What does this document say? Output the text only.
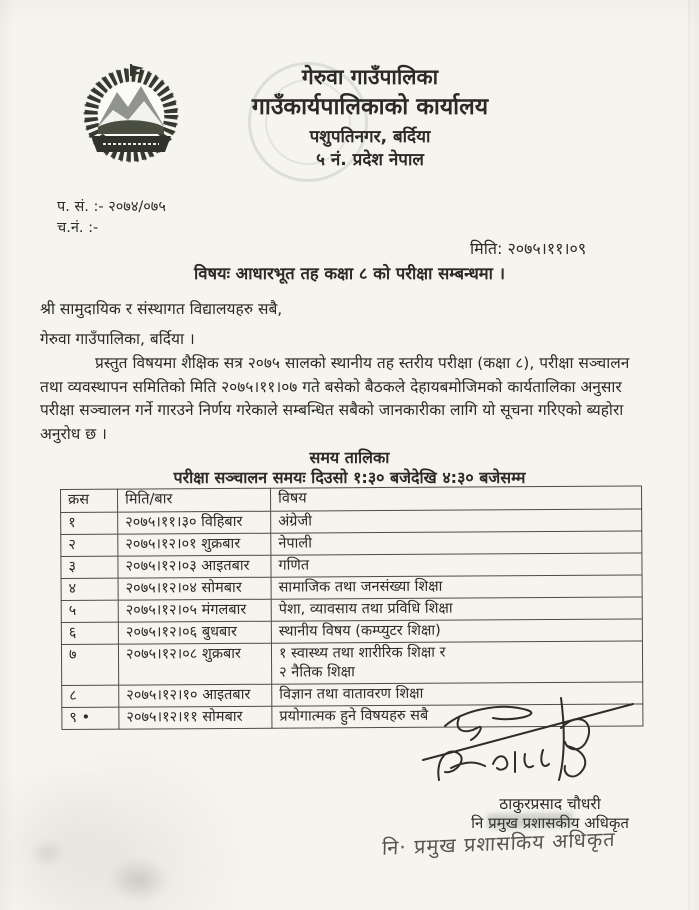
गेरुवा गाउँपालिका
गाउँकार्यपालिकाको कार्यालय
पशुपतिनगर, बर्दिया
५ नं. प्रदेश नेपाल
प. सं. :- २०७४/०७५
च.नं. :-
मिति: २०७५।११।०९
विषयः आधारभूत तह कक्षा ८ को परीक्षा सम्बन्धमा ।
श्री सामुदायिक र संस्थागत विद्यालयहरु सबै,
गेरुवा गाउँपालिका, बर्दिया ।
प्रस्तुत विषयमा शैक्षिक सत्र २०७५ सालको स्थानीय तह स्तरीय परीक्षा (कक्षा ८), परीक्षा सञ्चालन तथा व्यवस्थापन समितिको मिति २०७५।११।०७ गते बसेको बैठकले देहायबमोजिमको कार्यतालिका अनुसार परीक्षा सञ्चालन गर्ने गारउने निर्णय गरेकाले सम्बन्धित सबैको जानकारीका लागि यो सूचना गरिएको ब्यहोरा अनुरोध छ ।
समय तालिका
परीक्षा सञ्चालन समयः दिउसो १:३० बजेदेखि ४:३० बजेसम्म
क्रस	मिति/बार	विषय

१	२०७५।११।३० विहिबार	अंग्रेजी

२	२०७५।१२।०१ शुक्रबार	नेपाली

३	२०७५।१२।०३ आइतबार	गणित

४	२०७५।१२।०४ सोमबार	सामाजिक तथा जनसंख्या शिक्षा

५	२०७५।१२।०५ मंगलबार	पेशा, व्यावसाय तथा प्रविधि शिक्षा

६	२०७५।१२।०६ बुधबार	स्थानीय विषय (कम्प्युटर शिक्षा)

७	२०७५।१२।०८ शुक्रबार	१ स्वास्थ्य तथा शारीरिक शिक्षा र
२ नैतिक शिक्षा

८	२०७५।१२।१० आइतबार	विज्ञान तथा वातावरण शिक्षा

९ •	२०७५।१२।११ सोमबार	प्रयोगात्मक हुने विषयहरु सबै
ठाकुरप्रसाद चौधरी
नि प्रमुख प्रशासकीय अधिकृत
नि· प्रमुख प्रशासकिय अधिकृत
